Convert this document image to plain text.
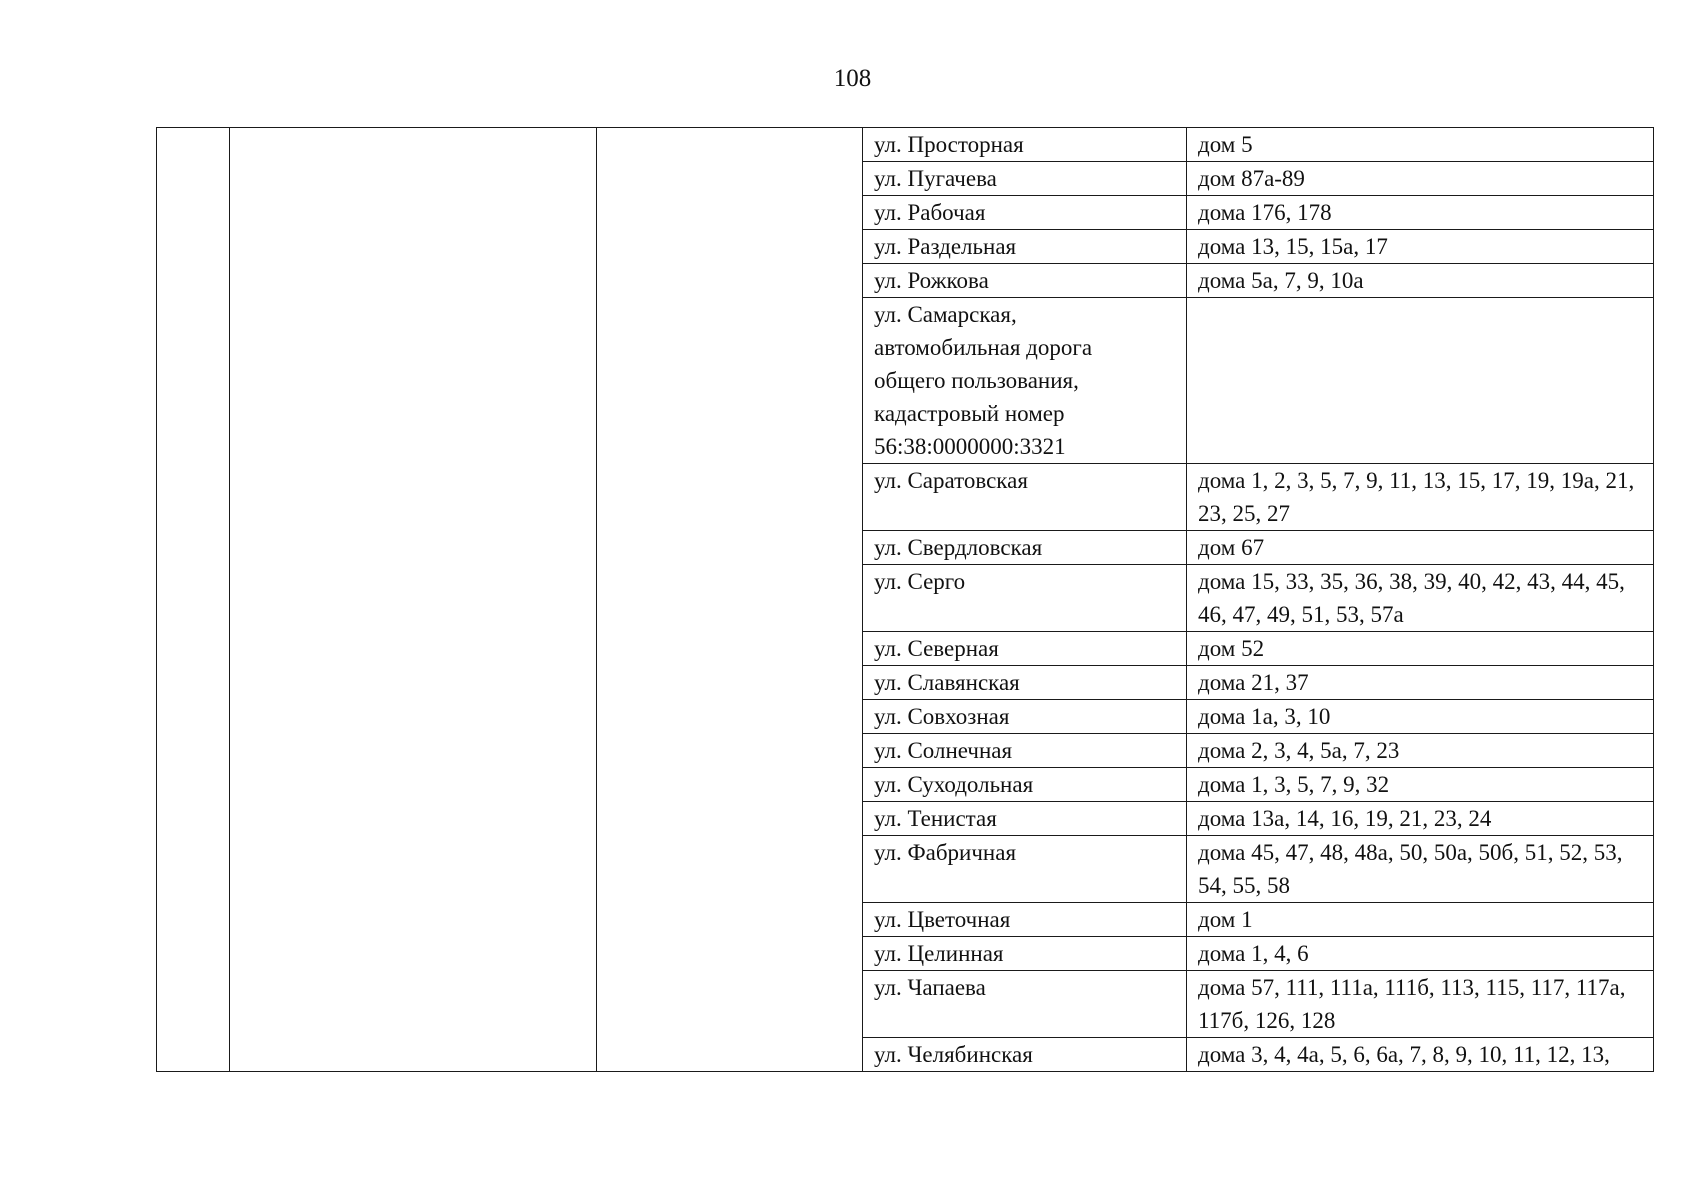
108
			ул. Просторная	дом 5
			ул. Пугачева	дом 87а-89
			ул. Рабочая	дома 176, 178
			ул. Раздельная	дома 13, 15, 15а, 17
			ул. Рожкова	дома 5а, 7, 9, 10а
			ул. Самарская,
автомобильная дорога
общего пользования,
кадастровый номер
56:38:0000000:3321	
			ул. Саратовская	дома 1, 2, 3, 5, 7, 9, 11, 13, 15, 17, 19, 19а, 21, 23, 25, 27
			ул. Свердловская	дом 67
			ул. Серго	дома 15, 33, 35, 36, 38, 39, 40, 42, 43, 44, 45, 46, 47, 49, 51, 53, 57а
			ул. Северная	дом 52
			ул. Славянская	дома 21, 37
			ул. Совхозная	дома 1а, 3, 10
			ул. Солнечная	дома 2, 3, 4, 5а, 7, 23
			ул. Суходольная	дома 1, 3, 5, 7, 9, 32
			ул. Тенистая	дома 13а, 14, 16, 19, 21, 23, 24
			ул. Фабричная	дома 45, 47, 48, 48а, 50, 50а, 50б, 51, 52, 53, 54, 55, 58
			ул. Цветочная	дом 1
			ул. Целинная	дома 1, 4, 6
			ул. Чапаева	дома 57, 111, 111а, 111б, 113, 115, 117, 117а, 117б, 126, 128
			ул. Челябинская	дома 3, 4, 4а, 5, 6, 6а, 7, 8, 9, 10, 11, 12, 13,
